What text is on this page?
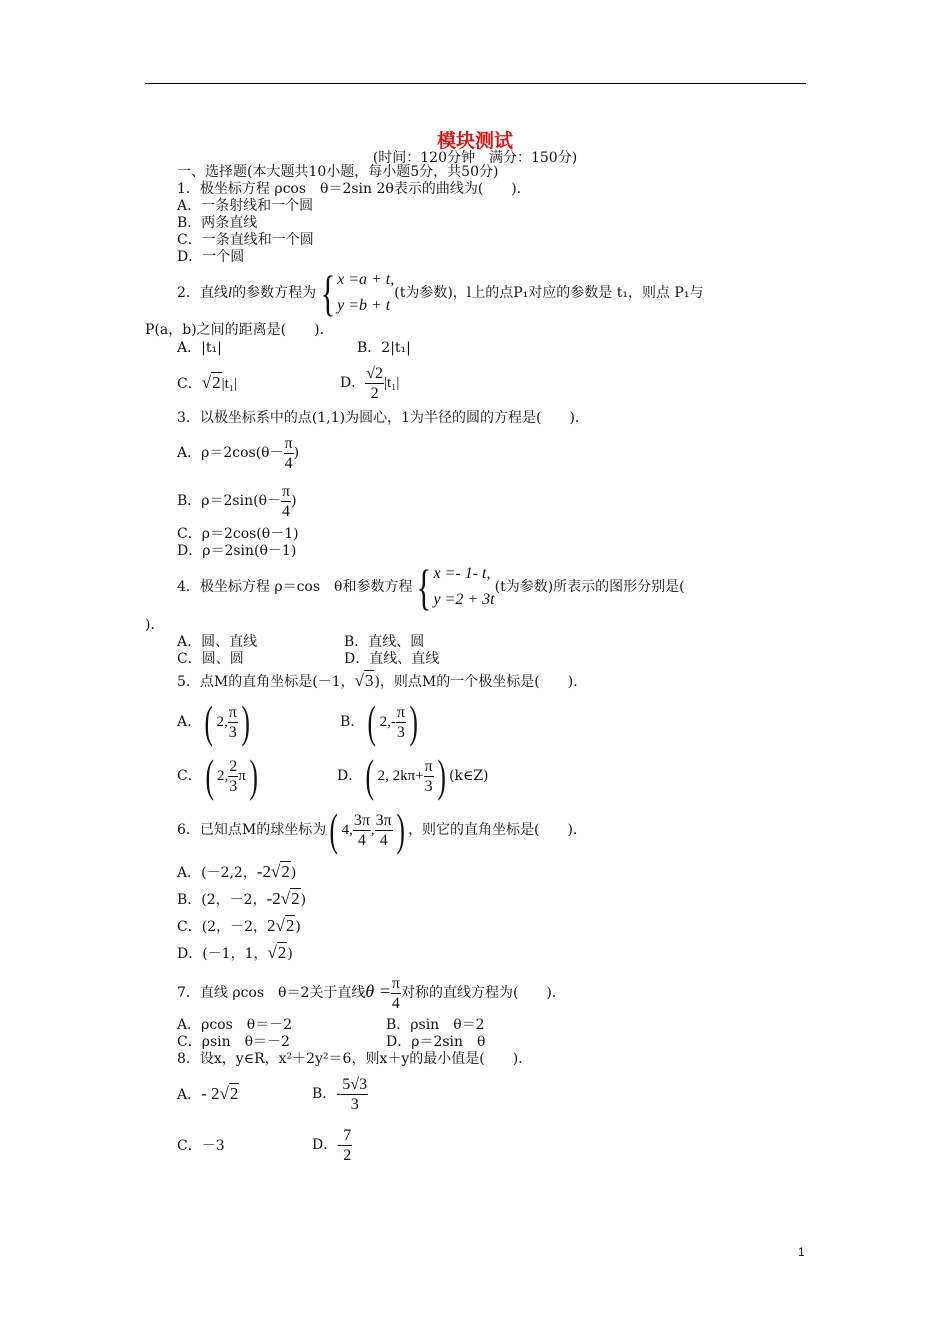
模块测试
(时间：120分钟　满分：150分)
一、选择题(本大题共10小题，每小题5分，共50分)
1．极坐标方程 ρcos　θ＝2sin 2θ表示的曲线为(　　)．
A．一条射线和一个圆
B．两条直线
C．一条直线和一个圆
D．一个圆
2．直线l的参数方程为{ x =a + t,
y =b + t
(t为参数)，l上的点P₁对应的参数是 t₁，则点 P₁与
P(a，b)之间的距离是(　　)．
A．|t₁|	B．2|t₁|
C．√2|t₁|	D． $\frac{√2}{2} |t_1|$
3．以极坐标系中的点(1,1)为圆心，1为半径的圆的方程是(　　)．
A．$\rho=2\cos(\theta- \frac{\pi}{4}$ )
B．$\rho=2\sin(\theta- \frac{\pi}{4}$ )
C．ρ＝2cos(θ－1)
D．ρ＝2sin(θ－1)
4．极坐标方程 ρ＝cos　θ和参数方程{ x =- 1- t,
y =2 + 3t
(t为参数)所表示的图形分别是(
)．
A．圆、直线	B．直线、圆
C．圆、圆	D．直线、直线
5．点M的直角坐标是(－1，√3)，则点M的一个极坐标是(　　)．
A．( 2, $\frac{\pi}{3}$ )	B．( $2,- \frac{\pi}{3}$ )
C．( 2, $\frac{2}{3} \pi$)	D．( 2, $2k\pi+ \frac{\pi}{3}$ ) (k∈Z)
6．已知点M的球坐标为( 4, $\frac{3\pi}{4}$ , $\frac{3\pi}{4}$ ) ，则它的直角坐标是(　　)．
A．(－2,2，-2√2)
B．(2，－2，-2√2)
C．(2，－2，2√2)
D．(－1，1，√2)
7．直线 ρcos　θ＝2关于直线$\theta = \frac{\pi}{4}$ 对称的直线方程为(　　)．
A．ρcos　θ＝－2	B．ρsin　θ＝2
C．ρsin　θ＝－2	D．ρ＝2sin　θ
8．设x，y∈R，x²＋2y²＝6，则x＋y的最小值是(　　)．
A．- 2√2	B．- $\frac{5√3}{3}$
C．－3	D．- $\frac{7}{2}$
1
